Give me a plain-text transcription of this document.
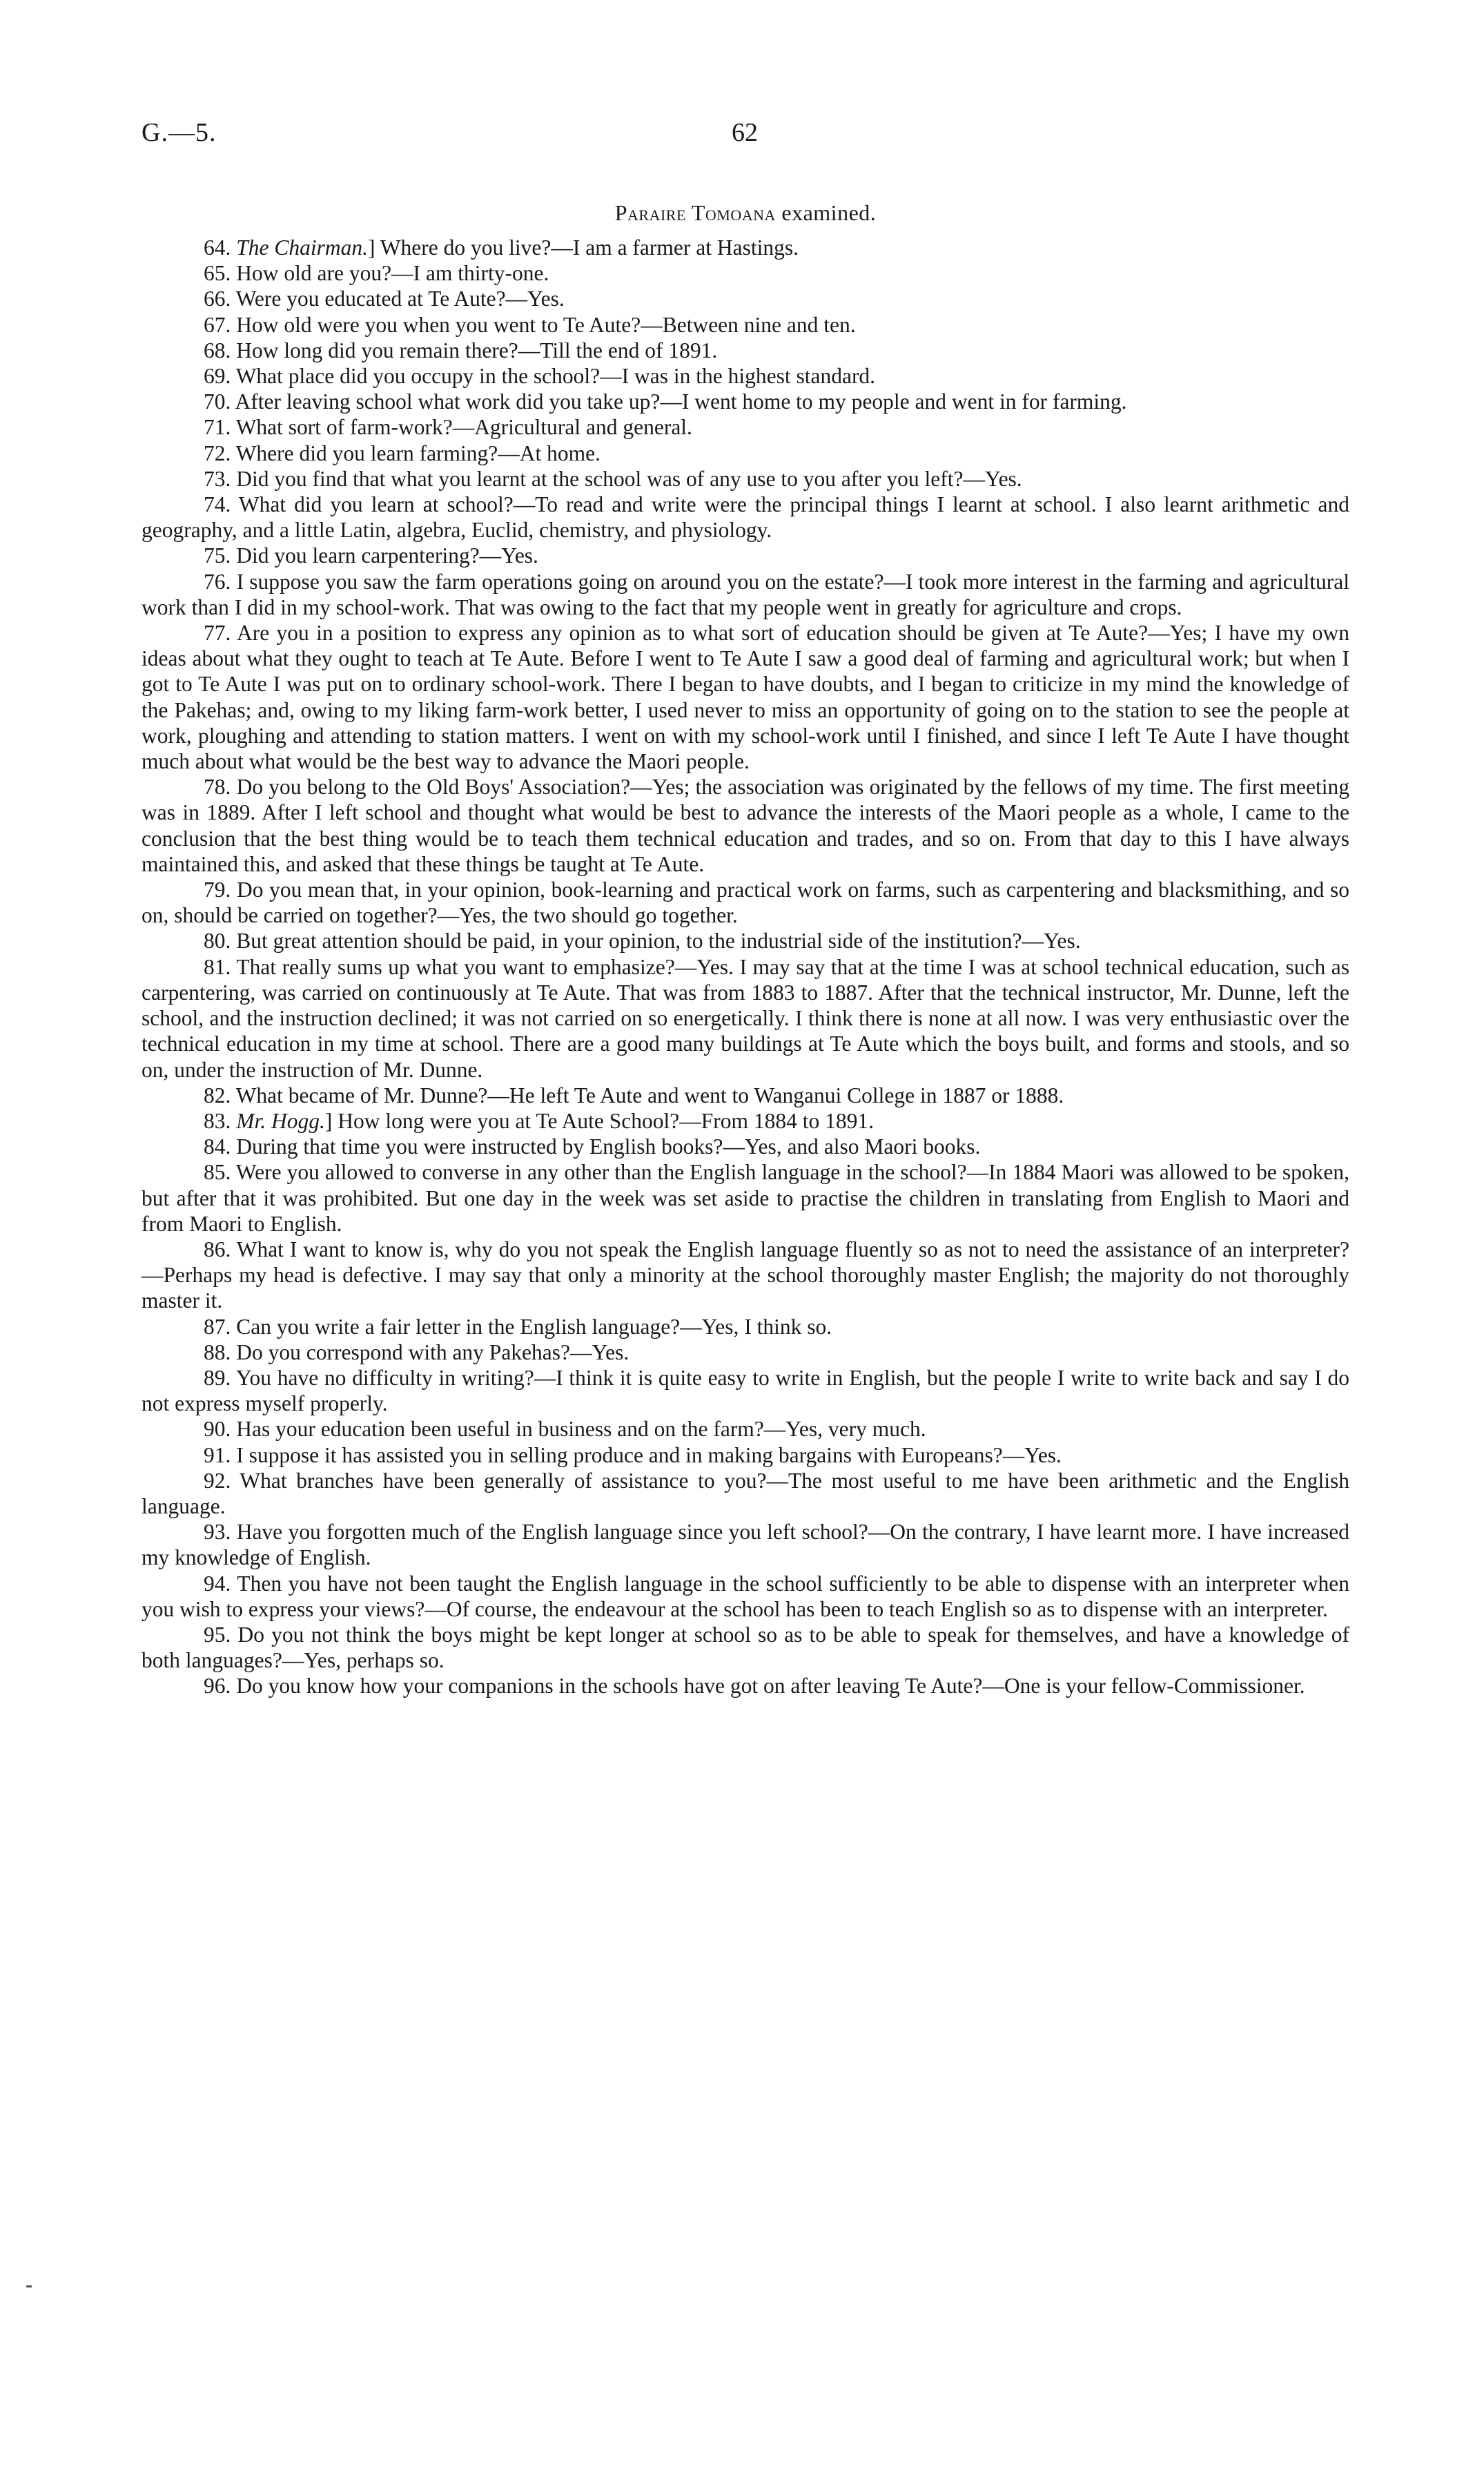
G.—5.	62
Paraire Tomoana examined.

64. The Chairman.] Where do you live?—I am a farmer at Hastings.

65. How old are you?—I am thirty-one.

66. Were you educated at Te Aute?—Yes.

67. How old were you when you went to Te Aute?—Between nine and ten.

68. How long did you remain there?—Till the end of 1891.

69. What place did you occupy in the school?—I was in the highest standard.

70. After leaving school what work did you take up?—I went home to my people and went in for farming.

71. What sort of farm-work?—Agricultural and general.

72. Where did you learn farming?—At home.

73. Did you find that what you learnt at the school was of any use to you after you left?—Yes.

74. What did you learn at school?—To read and write were the principal things I learnt at school. I also learnt arithmetic and geography, and a little Latin, algebra, Euclid, chemistry, and physiology.

75. Did you learn carpentering?—Yes.

76. I suppose you saw the farm operations going on around you on the estate?—I took more interest in the farming and agricultural work than I did in my school-work. That was owing to the fact that my people went in greatly for agriculture and crops.

77. Are you in a position to express any opinion as to what sort of education should be given at Te Aute?—Yes; I have my own ideas about what they ought to teach at Te Aute. Before I went to Te Aute I saw a good deal of farming and agricultural work; but when I got to Te Aute I was put on to ordinary school-work. There I began to have doubts, and I began to criticize in my mind the knowledge of the Pakehas; and, owing to my liking farm-work better, I used never to miss an opportunity of going on to the station to see the people at work, ploughing and attending to station matters. I went on with my school-work until I finished, and since I left Te Aute I have thought much about what would be the best way to advance the Maori people.

78. Do you belong to the Old Boys' Association?—Yes; the association was originated by the fellows of my time. The first meeting was in 1889. After I left school and thought what would be best to advance the interests of the Maori people as a whole, I came to the conclusion that the best thing would be to teach them technical education and trades, and so on. From that day to this I have always maintained this, and asked that these things be taught at Te Aute.

79. Do you mean that, in your opinion, book-learning and practical work on farms, such as carpentering and blacksmithing, and so on, should be carried on together?—Yes, the two should go together.

80. But great attention should be paid, in your opinion, to the industrial side of the institution?—Yes.

81. That really sums up what you want to emphasize?—Yes. I may say that at the time I was at school technical education, such as carpentering, was carried on continuously at Te Aute. That was from 1883 to 1887. After that the technical instructor, Mr. Dunne, left the school, and the instruction declined; it was not carried on so energetically. I think there is none at all now. I was very enthusiastic over the technical education in my time at school. There are a good many buildings at Te Aute which the boys built, and forms and stools, and so on, under the instruction of Mr. Dunne.

82. What became of Mr. Dunne?—He left Te Aute and went to Wanganui College in 1887 or 1888.

83. Mr. Hogg.] How long were you at Te Aute School?—From 1884 to 1891.

84. During that time you were instructed by English books?—Yes, and also Maori books.

85. Were you allowed to converse in any other than the English language in the school?—In 1884 Maori was allowed to be spoken, but after that it was prohibited. But one day in the week was set aside to practise the children in translating from English to Maori and from Maori to English.

86. What I want to know is, why do you not speak the English language fluently so as not to need the assistance of an interpreter?—Perhaps my head is defective. I may say that only a minority at the school thoroughly master English; the majority do not thoroughly master it.

87. Can you write a fair letter in the English language?—Yes, I think so.

88. Do you correspond with any Pakehas?—Yes.

89. You have no difficulty in writing?—I think it is quite easy to write in English, but the people I write to write back and say I do not express myself properly.

90. Has your education been useful in business and on the farm?—Yes, very much.

91. I suppose it has assisted you in selling produce and in making bargains with Europeans?—Yes.

92. What branches have been generally of assistance to you?—The most useful to me have been arithmetic and the English language.

93. Have you forgotten much of the English language since you left school?—On the contrary, I have learnt more. I have increased my knowledge of English.

94. Then you have not been taught the English language in the school sufficiently to be able to dispense with an interpreter when you wish to express your views?—Of course, the endeavour at the school has been to teach English so as to dispense with an interpreter.

95. Do you not think the boys might be kept longer at school so as to be able to speak for themselves, and have a knowledge of both languages?—Yes, perhaps so.

96. Do you know how your companions in the schools have got on after leaving Te Aute?—One is your fellow-Commissioner.
